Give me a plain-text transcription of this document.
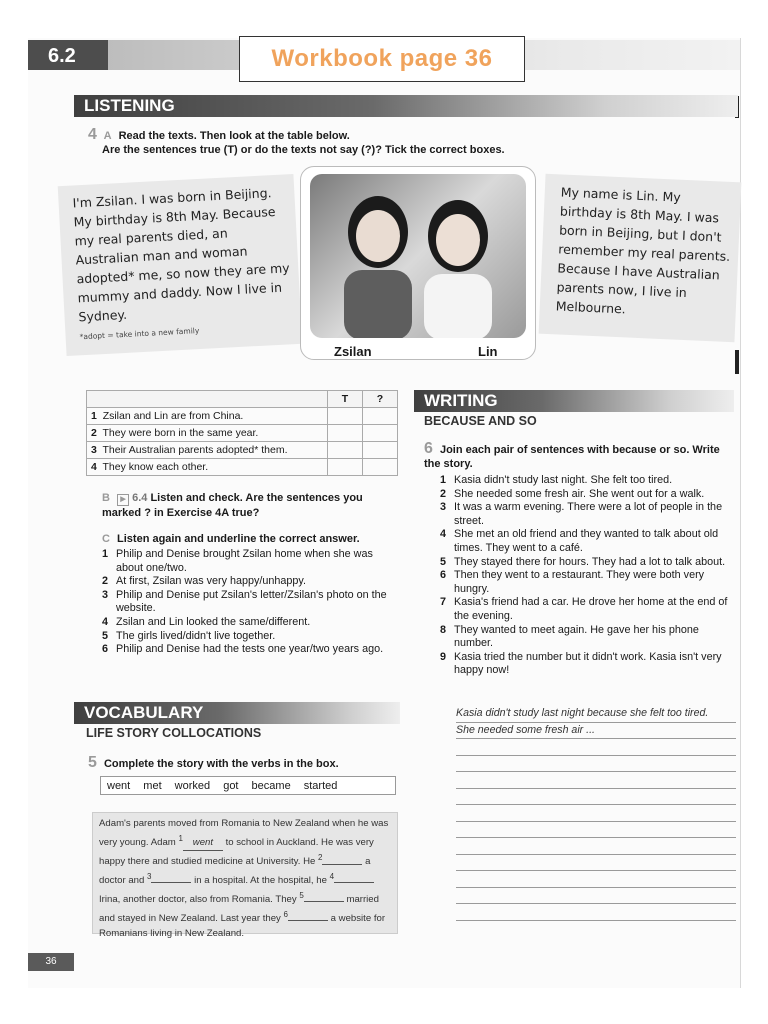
6.2	Workbook page 36
LISTENING
4 A Read the texts. Then look at the table below.
Are the sentences true (T) or do the texts not say (?)? Tick the correct boxes.
I'm Zsilan. I was born in Beijing. My birthday is 8th May. Because my real parents died, an Australian man and woman adopted* me, so now they are my mummy and daddy. Now I live in Sydney.
*adopt = take into a new family
Zsilan	Lin
My name is Lin. My birthday is 8th May. I was born in Beijing, but I don't remember my real parents. Because I have Australian parents now, I live in Melbourne.
	T	?
1 Zsilan and Lin are from China.		
2 They were born in the same year.		
3 Their Australian parents adopted* them.		
4 They know each other.		
B ▶ 6.4 Listen and check. Are the sentences you marked ? in Exercise 4A true?
C Listen again and underline the correct answer.
1 Philip and Denise brought Zsilan home when she was about one/two.
2 At first, Zsilan was very happy/unhappy.
3 Philip and Denise put Zsilan's letter/Zsilan's photo on the website.
4 Zsilan and Lin looked the same/different.
5 The girls lived/didn't live together.
6 Philip and Denise had the tests one year/two years ago.
VOCABULARY
LIFE STORY COLLOCATIONS
5 Complete the story with the verbs in the box.
went met worked got became started
Adam's parents moved from Romania to New Zealand when he was very young. Adam $^1$ went to school in Auckland. He was very happy there and studied medicine at University. He $^2$	a doctor and $^3$	in a hospital. At the hospital, he $^4$ Irina, another doctor, also from Romania. They $^5$	married and stayed in New Zealand. Last year they $^6$	a website for Romanians living in New Zealand.
WRITING
BECAUSE AND SO
6 Join each pair of sentences with because or so. Write the story.
1 Kasia didn't study last night. She felt too tired.
2 She needed some fresh air. She went out for a walk.
3 It was a warm evening. There were a lot of people in the street.
4 She met an old friend and they wanted to talk about old times. They went to a café.
5 They stayed there for hours. They had a lot to talk about.
6 Then they went to a restaurant. They were both very hungry.
7 Kasia's friend had a car. He drove her home at the end of the evening.
8 They wanted to meet again. He gave her his phone number.
9 Kasia tried the number but it didn't work. Kasia isn't very happy now!
Kasia didn't study last night because she felt too tired.
She needed some fresh air ...
36
